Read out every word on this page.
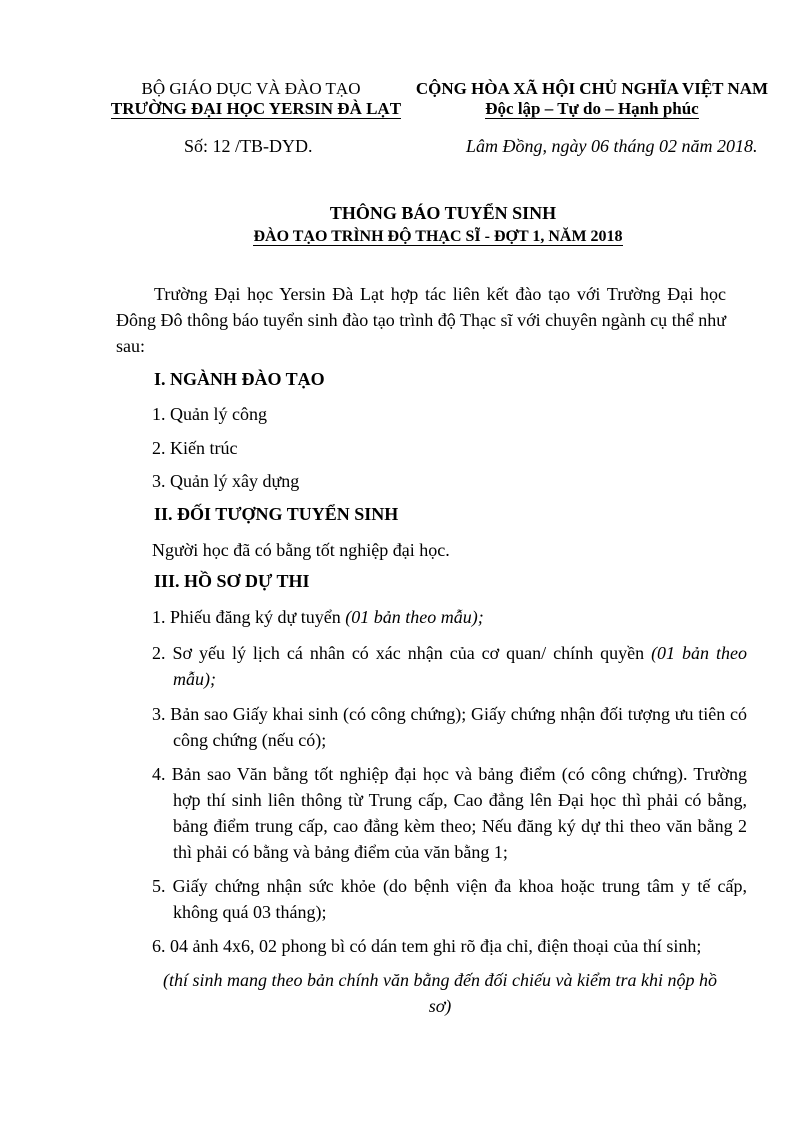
BỘ GIÁO DỤC VÀ ĐÀO TẠO
TRƯỜNG ĐẠI HỌC YERSIN ĐÀ LẠT
CỘNG HÒA XÃ HỘI CHỦ NGHĨA VIỆT NAM
Độc lập – Tự do – Hạnh phúc
Số: 12 /TB-DYD.	Lâm Đồng, ngày 06 tháng 02 năm 2018.
THÔNG BÁO TUYỂN SINH
ĐÀO TẠO TRÌNH ĐỘ THẠC SĨ - ĐỢT 1, NĂM 2018
Trường Đại học Yersin Đà Lạt hợp tác liên kết đào tạo với Trường Đại học Đông Đô thông báo tuyển sinh đào tạo trình độ Thạc sĩ với chuyên ngành cụ thể như sau:
I. NGÀNH ĐÀO TẠO
1. Quản lý công
2. Kiến trúc
3. Quản lý xây dựng
II. ĐỐI TƯỢNG TUYỂN SINH
Người học đã có bằng tốt nghiệp đại học.
III. HỒ SƠ DỰ THI
1. Phiếu đăng ký dự tuyển (01 bản theo mẫu);
2. Sơ yếu lý lịch cá nhân có xác nhận của cơ quan/ chính quyền (01 bản theo mẫu);
3. Bản sao Giấy khai sinh (có công chứng); Giấy chứng nhận đối tượng ưu tiên có công chứng (nếu có);
4. Bản sao Văn bằng tốt nghiệp đại học và bảng điểm (có công chứng). Trường hợp thí sinh liên thông từ Trung cấp, Cao đẳng lên Đại học thì phải có bằng, bảng điểm trung cấp, cao đẳng kèm theo; Nếu đăng ký dự thi theo văn bằng 2 thì phải có bằng và bảng điểm của văn bằng 1;
5. Giấy chứng nhận sức khỏe (do bệnh viện đa khoa hoặc trung tâm y tế cấp, không quá 03 tháng);
6. 04 ảnh 4x6, 02 phong bì có dán tem ghi rõ địa chỉ, điện thoại của thí sinh;
(thí sinh mang theo bản chính văn bằng đến đối chiếu và kiểm tra khi nộp hồ sơ)
